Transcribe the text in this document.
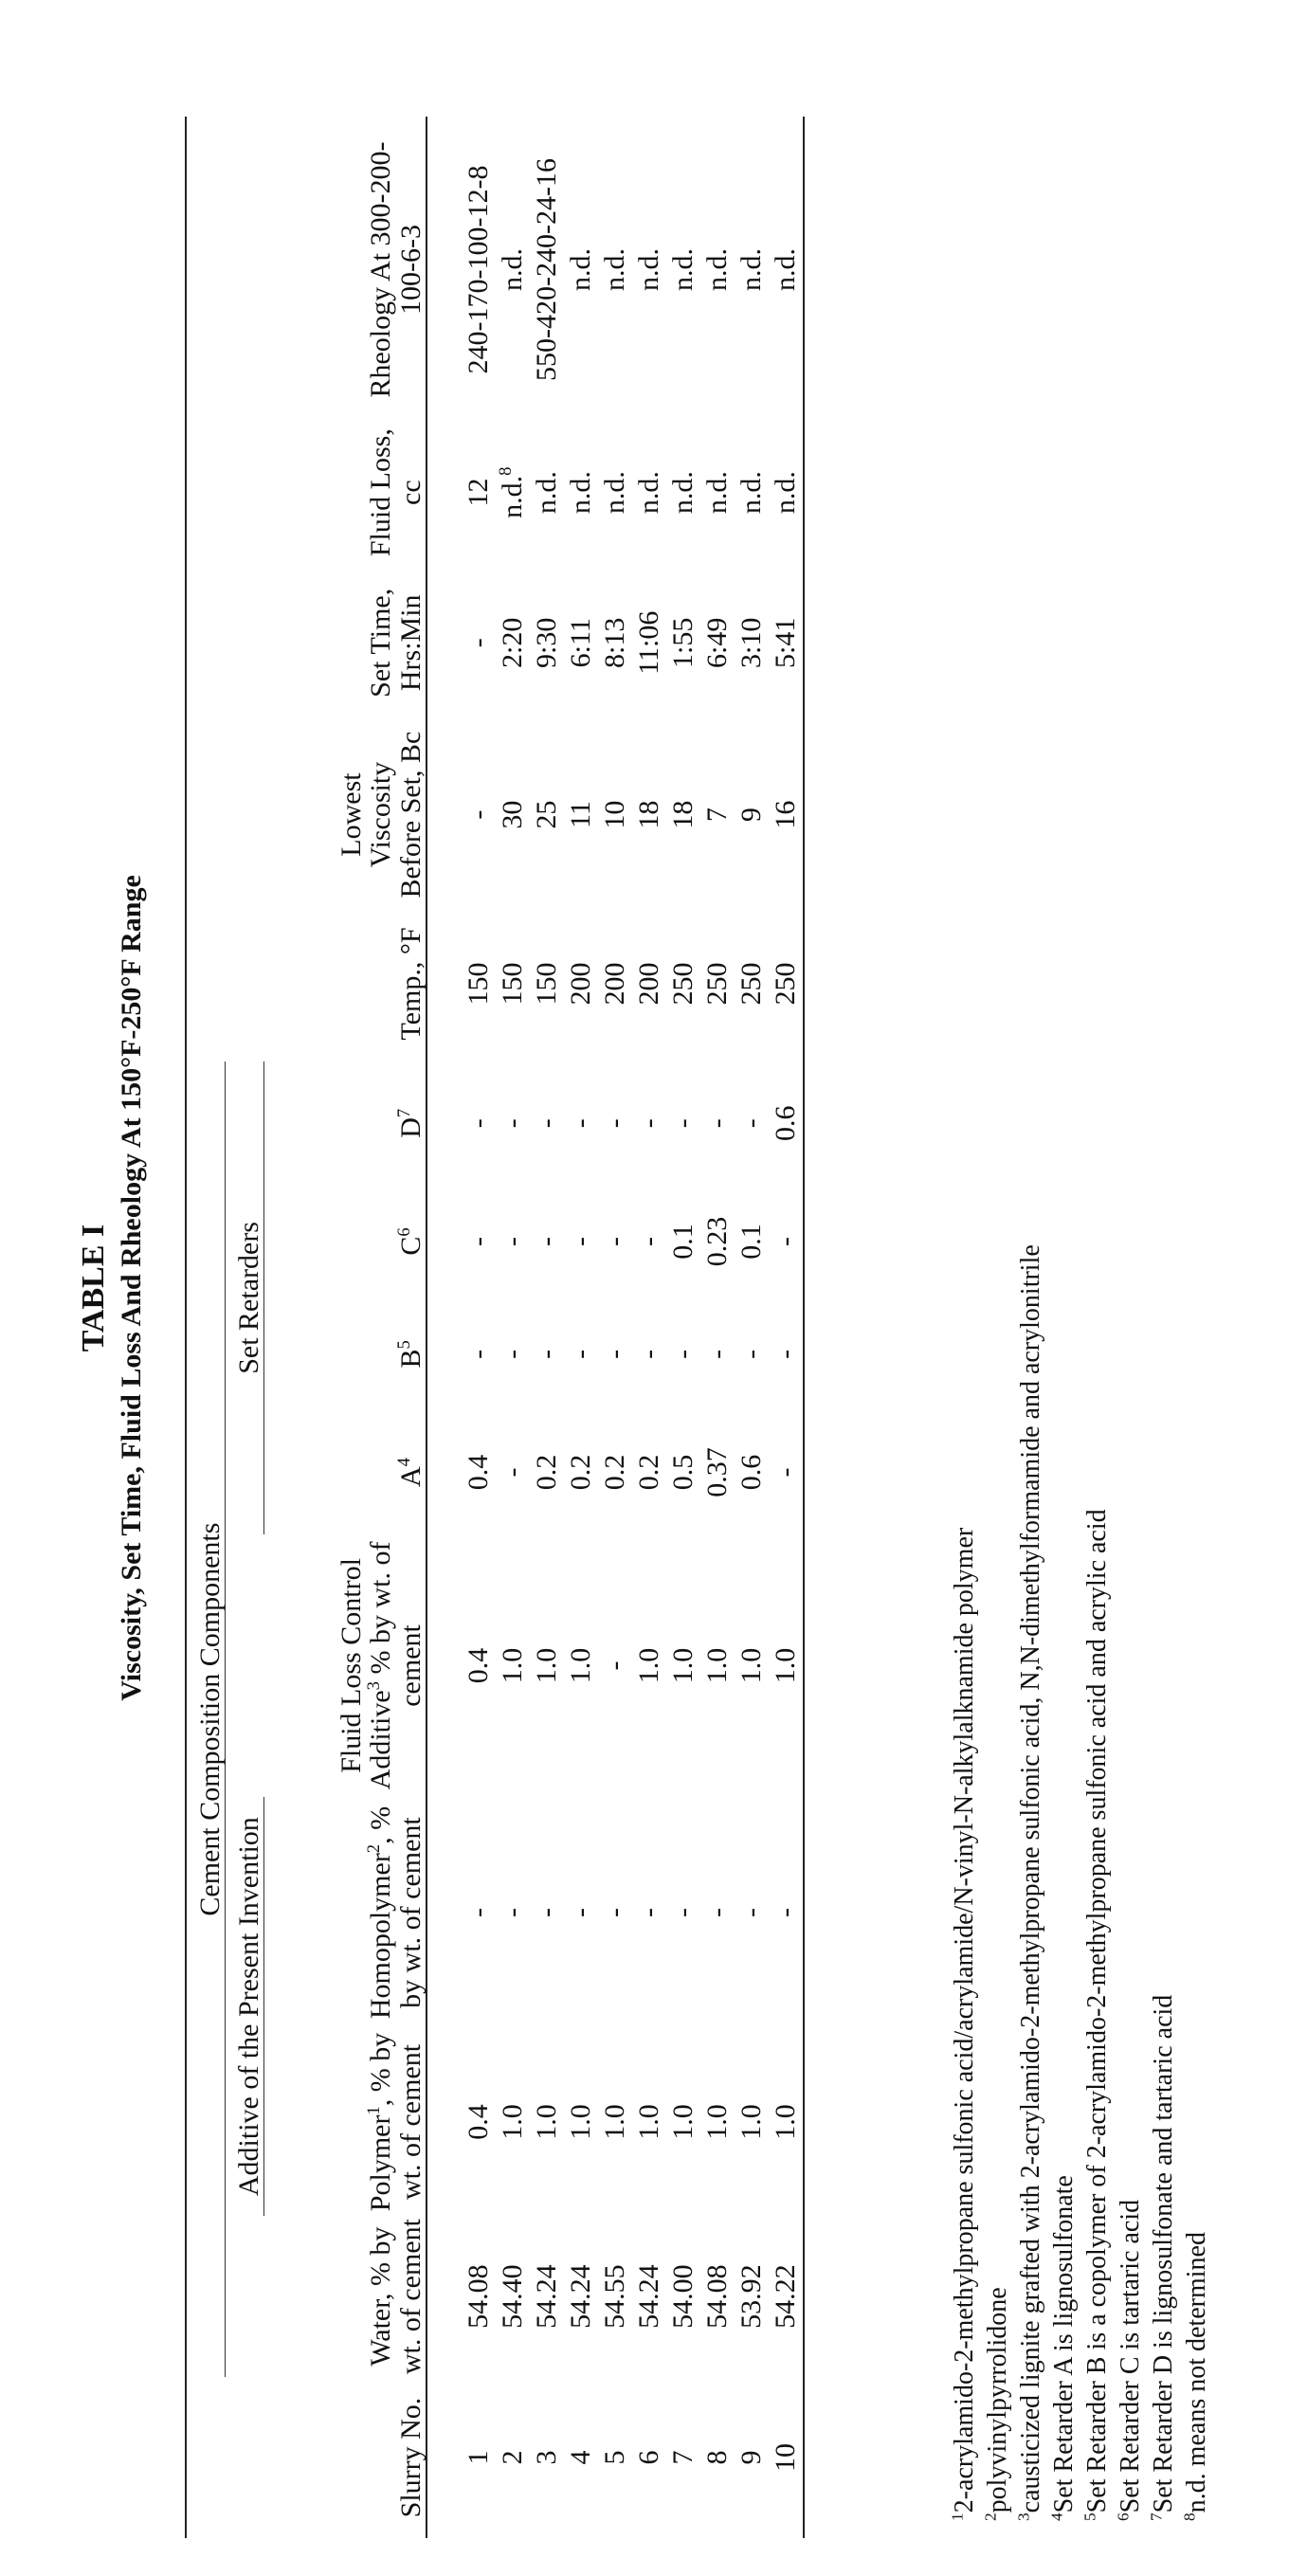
TABLE I Viscosity, Set Time, Fluid Loss And Rheology At 150°F-250°F Range
	Cement Composition Components												
		Additive of the Present Invention			Set Retarders								
Slurry No.	Water, % by wt. of cement	Polymer$^1$, % by wt. of cement	Homopolymer$^2$, % by wt. of cement	Fluid Loss Control Additive$^3$ % by wt. of cement	$A^4$	$B^5$	$C^6$	$D^7$	Temp., °F	Lowest Viscosity Before Set, Bc	Set Time, Hrs:Min	Fluid Loss, cc	Rheology At 300-200-100-6-3

1	54.08	0.4	-	0.4	0.4	-	-	-	150	-	-	12	240-170-100-12-8
2	54.40	1.0	-	1.0	-	-	-	-	150	30	2:20	n.d.$^8$	n.d.
3	54.24	1.0	-	1.0	0.2	-	-	-	150	25	9:30	n.d.	550-420-240-24-16
4	54.24	1.0	-	1.0	0.2	-	-	-	200	11	6:11	n.d.	n.d.
5	54.55	1.0	-	-	0.2	-	-	-	200	10	8:13	n.d.	n.d.
6	54.24	1.0	-	1.0	0.2	-	-	-	200	18	11:06	n.d.	n.d.
7	54.00	1.0	-	1.0	0.5	-	0.1	-	250	18	1:55	n.d.	n.d.
8	54.08	1.0	-	1.0	0.37	-	0.23	-	250	7	6:49	n.d.	n.d.
9	53.92	1.0	-	1.0	0.6	-	0.1	-	250	9	3:10	n.d.	n.d.
10	54.22	1.0	-	1.0	-	-	-	0.6	250	16	5:41	n.d.	n.d.
$^1$2-acrylamido-2-methylpropane sulfonic acid/acrylamide/N-vinyl-N-alkylalknamide polymer
$^2$polyvinylpyrrolidone
$^3$causticized lignite grafted with 2-acrylamido-2-methylpropane sulfonic acid, N,N-dimethylformamide and acrylonitrile
$^4$Set Retarder A is lignosulfonate
$^5$Set Retarder B is a copolymer of 2-acrylamido-2-methylpropane sulfonic acid and acrylic acid
$^6$Set Retarder C is tartaric acid
$^7$Set Retarder D is lignosulfonate and tartaric acid
$^8$n.d. means not determined
